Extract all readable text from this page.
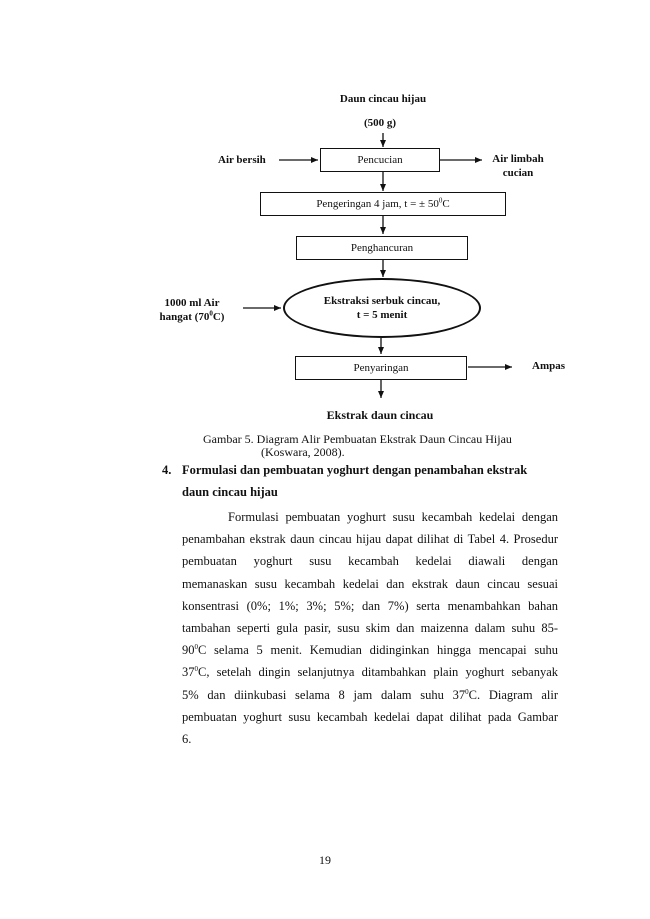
Daun cincau hijau
(500 g)
Air bersih	Pencucian	Air limbah
cucian
Pengeringan 4 jam, t = ± $50^0C$
Penghancuran
1000 ml Air
hangat $(70^0C)$
Ekstraksi serbuk cincau,
t = 5 menit
Penyaringan	Ampas
Ekstrak daun cincau
Gambar 5. Diagram Alir Pembuatan Ekstrak Daun Cincau Hijau
(Koswara, 2008).
4. Formulasi dan pembuatan yoghurt dengan penambahan ekstrak
daun cincau hijau
Formulasi pembuatan yoghurt susu kecambah kedelai dengan
penambahan ekstrak daun cincau hijau dapat dilihat di Tabel 4. Prosedur
pembuatan yoghurt susu kecambah kedelai diawali dengan
memanaskan susu kecambah kedelai dan ekstrak daun cincau sesuai
konsentrasi (0%; 1%; 3%; 5%; dan 7%) serta menambahkan bahan
tambahan seperti gula pasir, susu skim dan maizenna dalam suhu 85-
$90^0C$ selama 5 menit. Kemudian didinginkan hingga mencapai suhu
$37^0C$, setelah dingin selanjutnya ditambahkan plain yoghurt sebanyak
5% dan diinkubasi selama 8 jam dalam suhu $37^0C$. Diagram alir
pembuatan yoghurt susu kecambah kedelai dapat dilihat pada Gambar
6.
19
